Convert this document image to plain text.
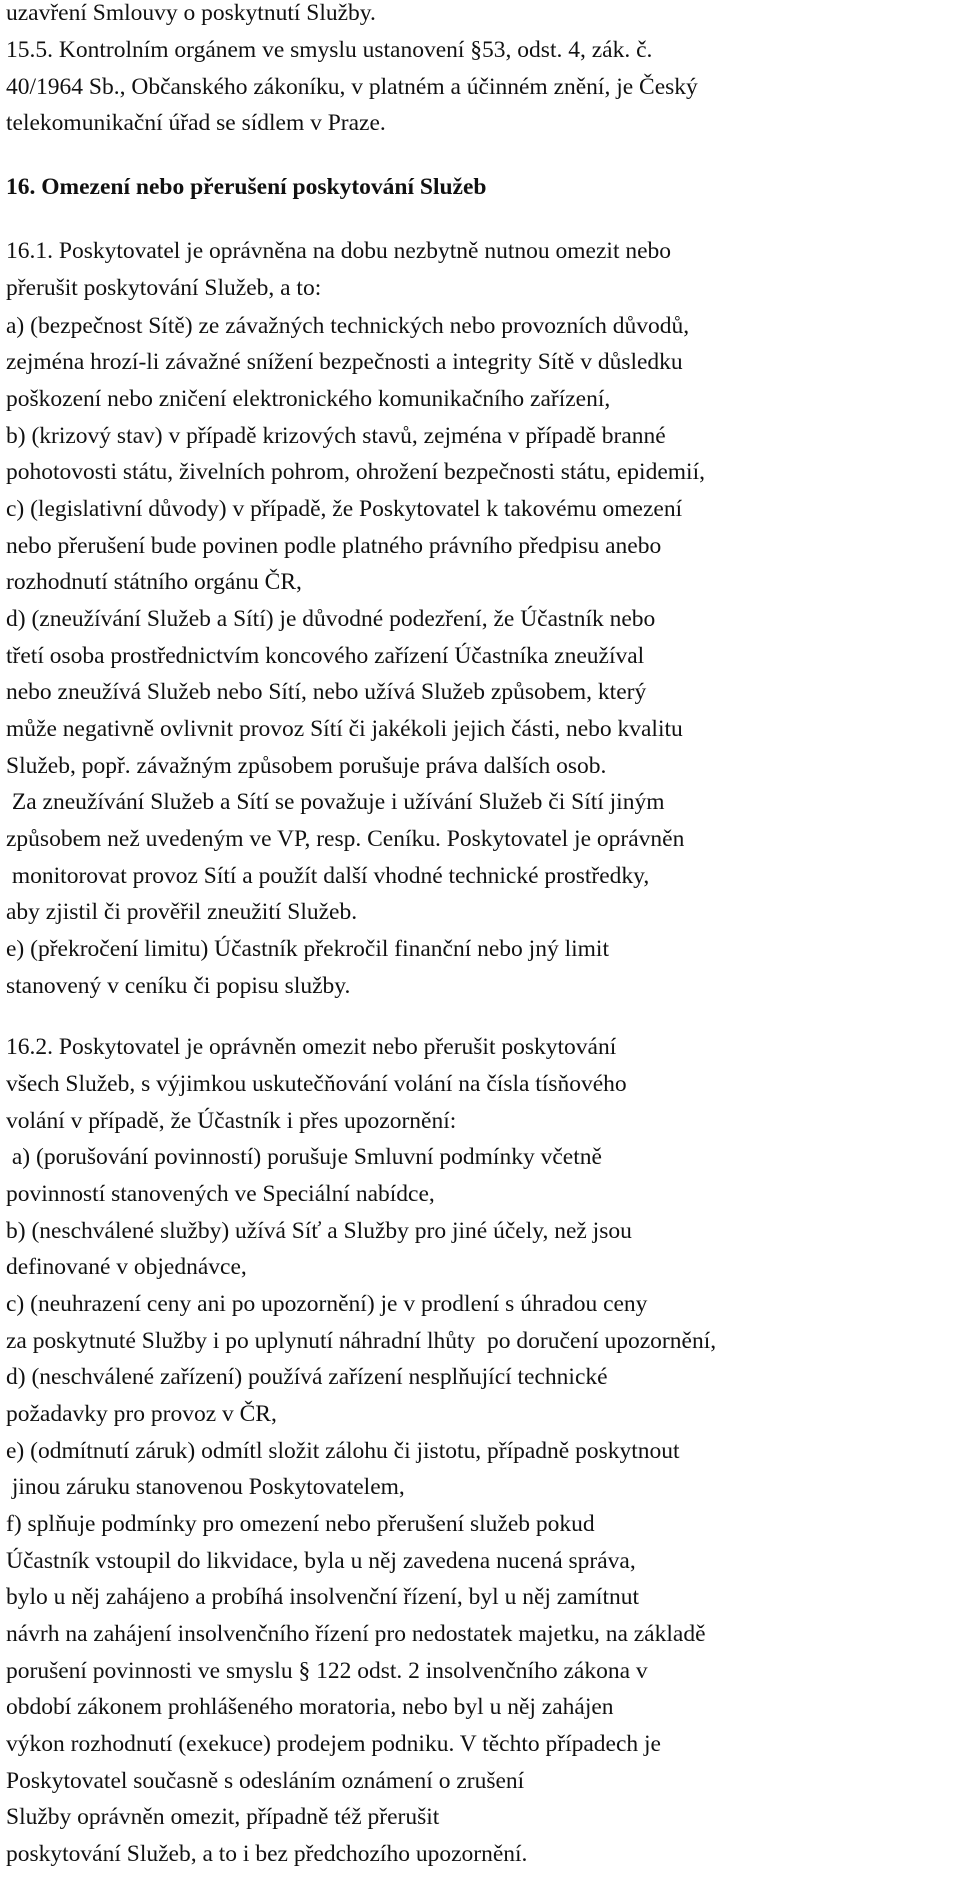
uzavření Smlouvy o poskytnutí Služby.
15.5. Kontrolním orgánem ve smyslu ustanovení §53, odst. 4, zák. č.
40/1964 Sb., Občanského zákoníku, v platném a účinném znění, je Český
telekomunikační úřad se sídlem v Praze.
16. Omezení nebo přerušení poskytování Služeb
16.1. Poskytovatel je oprávněna na dobu nezbytně nutnou omezit nebo
přerušit poskytování Služeb, a to:
a) (bezpečnost Sítě) ze závažných technických nebo provozních důvodů,
zejména hrozí-li závažné snížení bezpečnosti a integrity Sítě v důsledku
poškození nebo zničení elektronického komunikačního zařízení,
b) (krizový stav) v případě krizových stavů, zejména v případě branné
pohotovosti státu, živelních pohrom, ohrožení bezpečnosti státu, epidemií,
c) (legislativní důvody) v případě, že Poskytovatel k takovému omezení
nebo přerušení bude povinen podle platného právního předpisu anebo
rozhodnutí státního orgánu ČR,
d) (zneužívání Služeb a Sítí) je důvodné podezření, že Účastník nebo
třetí osoba prostřednictvím koncového zařízení Účastníka zneužíval
nebo zneužívá Služeb nebo Sítí, nebo užívá Služeb způsobem, který
může negativně ovlivnit provoz Sítí či jakékoli jejich části, nebo kvalitu
Služeb, popř. závažným způsobem porušuje práva dalších osob.
Za zneužívání Služeb a Sítí se považuje i užívání Služeb či Sítí jiným
způsobem než uvedeným ve VP, resp. Ceníku. Poskytovatel je oprávněn
monitorovat provoz Sítí a použít další vhodné technické prostředky,
aby zjistil či prověřil zneužití Služeb.
e) (překročení limitu) Účastník překročil finanční nebo jný limit
stanovený v ceníku či popisu služby.
16.2. Poskytovatel je oprávněn omezit nebo přerušit poskytování
všech Služeb, s výjimkou uskutečňování volání na čísla tísňového
volání v případě, že Účastník i přes upozornění:
a) (porušování povinností) porušuje Smluvní podmínky včetně
povinností stanovených ve Speciální nabídce,
b) (neschválené služby) užívá Síť a Služby pro jiné účely, než jsou
definované v objednávce,
c) (neuhrazení ceny ani po upozornění) je v prodlení s úhradou ceny
za poskytnuté Služby i po uplynutí náhradní lhůty  po doručení upozornění,
d) (neschválené zařízení) používá zařízení nesplňující technické
požadavky pro provoz v ČR,
e) (odmítnutí záruk) odmítl složit zálohu či jistotu, případně poskytnout
jinou záruku stanovenou Poskytovatelem,
f) splňuje podmínky pro omezení nebo přerušení služeb pokud
Účastník vstoupil do likvidace, byla u něj zavedena nucená správa,
bylo u něj zahájeno a probíhá insolvenční řízení, byl u něj zamítnut
návrh na zahájení insolvenčního řízení pro nedostatek majetku, na základě
porušení povinnosti ve smyslu § 122 odst. 2 insolvenčního zákona v
období zákonem prohlášeného moratoria, nebo byl u něj zahájen
výkon rozhodnutí (exekuce) prodejem podniku. V těchto případech je
Poskytovatel současně s odesláním oznámení o zrušení
Služby oprávněn omezit, případně též přerušit
poskytování Služeb, a to i bez předchozího upozornění.
